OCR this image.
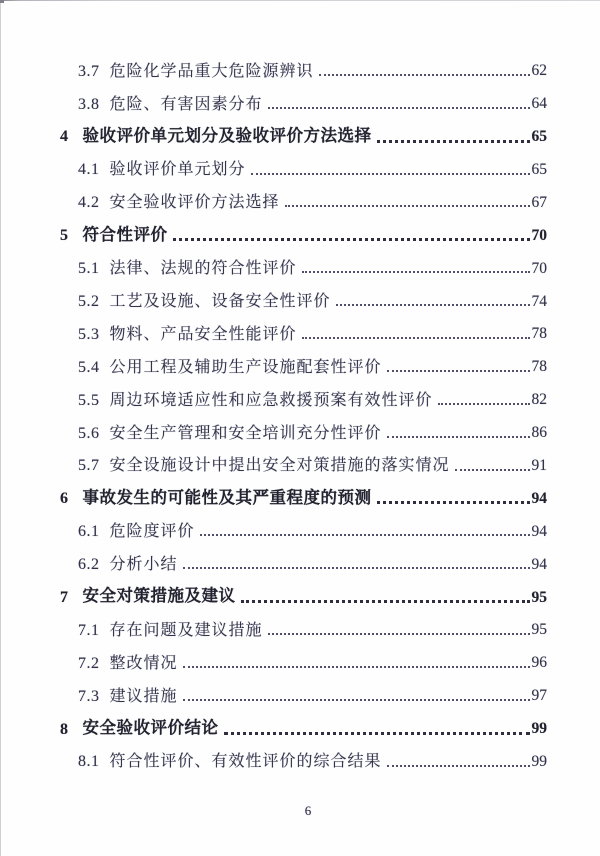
3.7 危险化学品重大危险源辨识	62
3.8 危险、有害因素分布	64
4 验收评价单元划分及验收评价方法选择	65
4.1 验收评价单元划分	65
4.2 安全验收评价方法选择	67
5 符合性评价	70
5.1 法律、法规的符合性评价	70
5.2 工艺及设施、设备安全性评价	74
5.3 物料、产品安全性能评价	78
5.4 公用工程及辅助生产设施配套性评价	78
5.5 周边环境适应性和应急救援预案有效性评价	82
5.6 安全生产管理和安全培训充分性评价	86
5.7 安全设施设计中提出安全对策措施的落实情况	91
6 事故发生的可能性及其严重程度的预测	94
6.1 危险度评价	94
6.2 分析小结	94
7 安全对策措施及建议	95
7.1 存在问题及建议措施	95
7.2 整改情况	96
7.3 建议措施	97
8 安全验收评价结论	99
8.1 符合性评价、有效性评价的综合结果	99
6
